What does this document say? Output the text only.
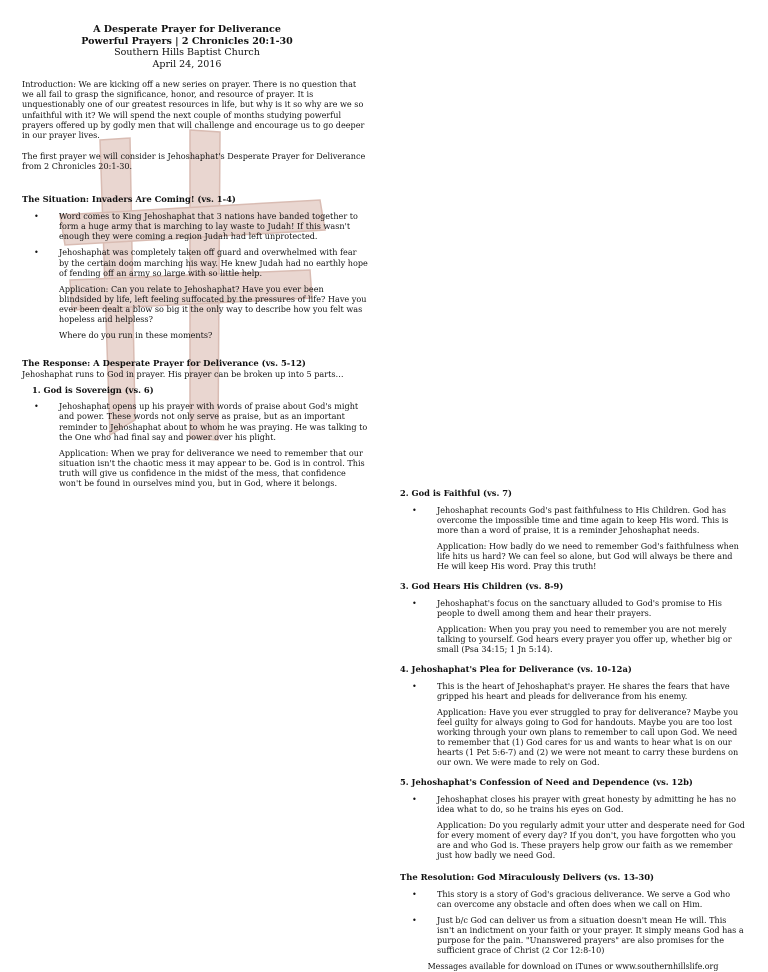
A Desperate Prayer for Deliverance
Powerful Prayers | 2 Chronicles 20:1-30
Southern Hills Baptist Church
April 24, 2016

Introduction: We are kicking off a new series on prayer. There is no question that we all fail to grasp the significance, honor, and resource of prayer. It is unquestionably one of our greatest resources in life, but why is it so why are we so unfaithful with it? We will spend the next couple of months studying powerful prayers offered up by godly men that will challenge and encourage us to go deeper in our prayer lives.

The first prayer we will consider is Jehoshaphat's Desperate Prayer for Deliverance from 2 Chronicles 20:1-30.

The Situation: Invaders Are Coming! (vs. 1-4)
• Word comes to King Jehoshaphat that 3 nations have banded together to form a huge army that is marching to lay waste to Judah! If this wasn't enough they were coming a region Judah had left unprotected.
• Jehoshaphat was completely taken off guard and overwhelmed with fear by the certain doom marching his way. He knew Judah had no earthly hope of fending off an army so large with so little help.
Application: Can you relate to Jehoshaphat? Have you ever been blindsided by life, left feeling suffocated by the pressures of life? Have you ever been dealt a blow so big it the only way to describe how you felt was hopeless and helpless?
Where do you run in these moments?
The Response: A Desperate Prayer for Deliverance (vs. 5-12)

Jehoshaphat runs to God in prayer. His prayer can be broken up into 5 parts…

1. God is Sovereign (vs. 6)
• Jehoshaphat opens up his prayer with words of praise about God's might and power. These words not only serve as praise, but as an important reminder to Jehoshaphat about to whom he was praying. He was talking to the One who had final say and power over his plight.
Application: When we pray for deliverance we need to remember that our situation isn't the chaotic mess it may appear to be. God is in control. This truth will give us confidence in the midst of the mess, that confidence won't be found in ourselves mind you, but in God, where it belongs.
2. God is Faithful (vs. 7)
• Jehoshaphat recounts God's past faithfulness to His Children. God has overcome the impossible time and time again to keep His word. This is more than a word of praise, it is a reminder Jehoshaphat needs.
Application: How badly do we need to remember God's faithfulness when life hits us hard? We can feel so alone, but God will always be there and He will keep His word. Pray this truth!
3. God Hears His Children (vs. 8-9)
• Jehoshaphat's focus on the sanctuary alluded to God's promise to His people to dwell among them and hear their prayers.
Application: When you pray you need to remember you are not merely talking to yourself. God hears every prayer you offer up, whether big or small (Psa 34:15; 1 Jn 5:14).
4. Jehoshaphat's Plea for Deliverance (vs. 10-12a)
• This is the heart of Jehoshaphat's prayer. He shares the fears that have gripped his heart and pleads for deliverance from his enemy.
Application: Have you ever struggled to pray for deliverance? Maybe you feel guilty for always going to God for handouts. Maybe you are too lost working through your own plans to remember to call upon God. We need to remember that (1) God cares for us and wants to hear what is on our hearts (1 Pet 5:6-7) and (2) we were not meant to carry these burdens on our own. We were made to rely on God.
5. Jehoshaphat's Confession of Need and Dependence (vs. 12b)
• Jehoshaphat closes his prayer with great honesty by admitting he has no idea what to do, so he trains his eyes on God.
Application: Do you regularly admit your utter and desperate need for God for every moment of every day? If you don't, you have forgotten who you are and who God is. These prayers help grow our faith as we remember just how badly we need God.
The Resolution: God Miraculously Delivers (vs. 13-30)
• This story is a story of God's gracious deliverance. We serve a God who can overcome any obstacle and often does when we call on Him.
• Just b/c God can deliver us from a situation doesn't mean He will. This isn't an indictment on your faith or your prayer. It simply means God has a purpose for the pain. "Unanswered prayers" are also promises for the sufficient grace of Christ (2 Cor 12:8-10)
Messages available for download on iTunes or www.southernhillslife.org
